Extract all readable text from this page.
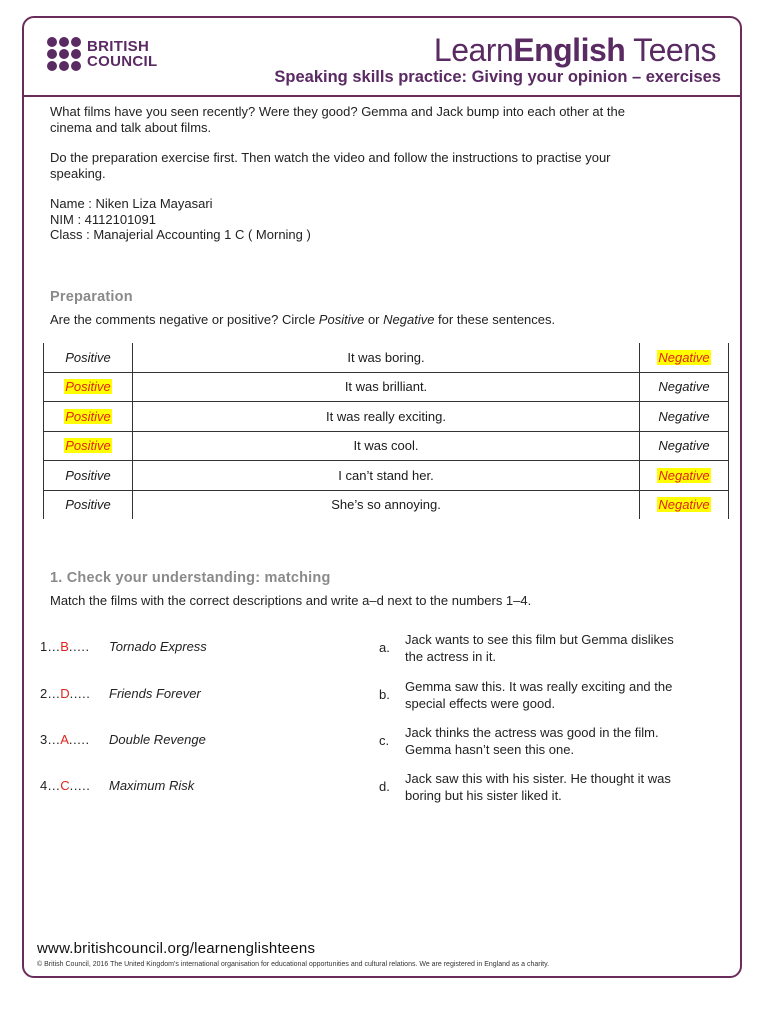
BRITISH
COUNCIL	LearnEnglish Teens
Speaking skills practice: Giving your opinion – exercises
What films have you seen recently? Were they good? Gemma and Jack bump into each other at the
cinema and talk about films.
Do the preparation exercise first. Then watch the video and follow the instructions to practise your
speaking.
Name : Niken Liza Mayasari
NIM : 4112101091
Class : Manajerial Accounting 1 C ( Morning )
Preparation
Are the comments negative or positive? Circle Positive or Negative for these sentences.
Positive	It was boring.	Negative
Positive	It was brilliant.	Negative
Positive	It was really exciting.	Negative
Positive	It was cool.	Negative
Positive	I can’t stand her.	Negative
Positive	She’s so annoying.	Negative
1. Check your understanding: matching
Match the films with the correct descriptions and write a–d next to the numbers 1–4.
1…B.…. Tornado Express	a.
Jack wants to see this film but Gemma dislikes
the actress in it.
2…D.…. Friends Forever	b.
Gemma saw this. It was really exciting and the
special effects were good.
3…A.…. Double Revenge	c.
Jack thinks the actress was good in the film.
Gemma hasn’t seen this one.
4…C.…. Maximum Risk	d.
Jack saw this with his sister. He thought it was
boring but his sister liked it.
www.britishcouncil.org/learnenglishteens
© British Council, 2016 The United Kingdom’s international organisation for educational opportunities and cultural relations. We are registered in England as a charity.
